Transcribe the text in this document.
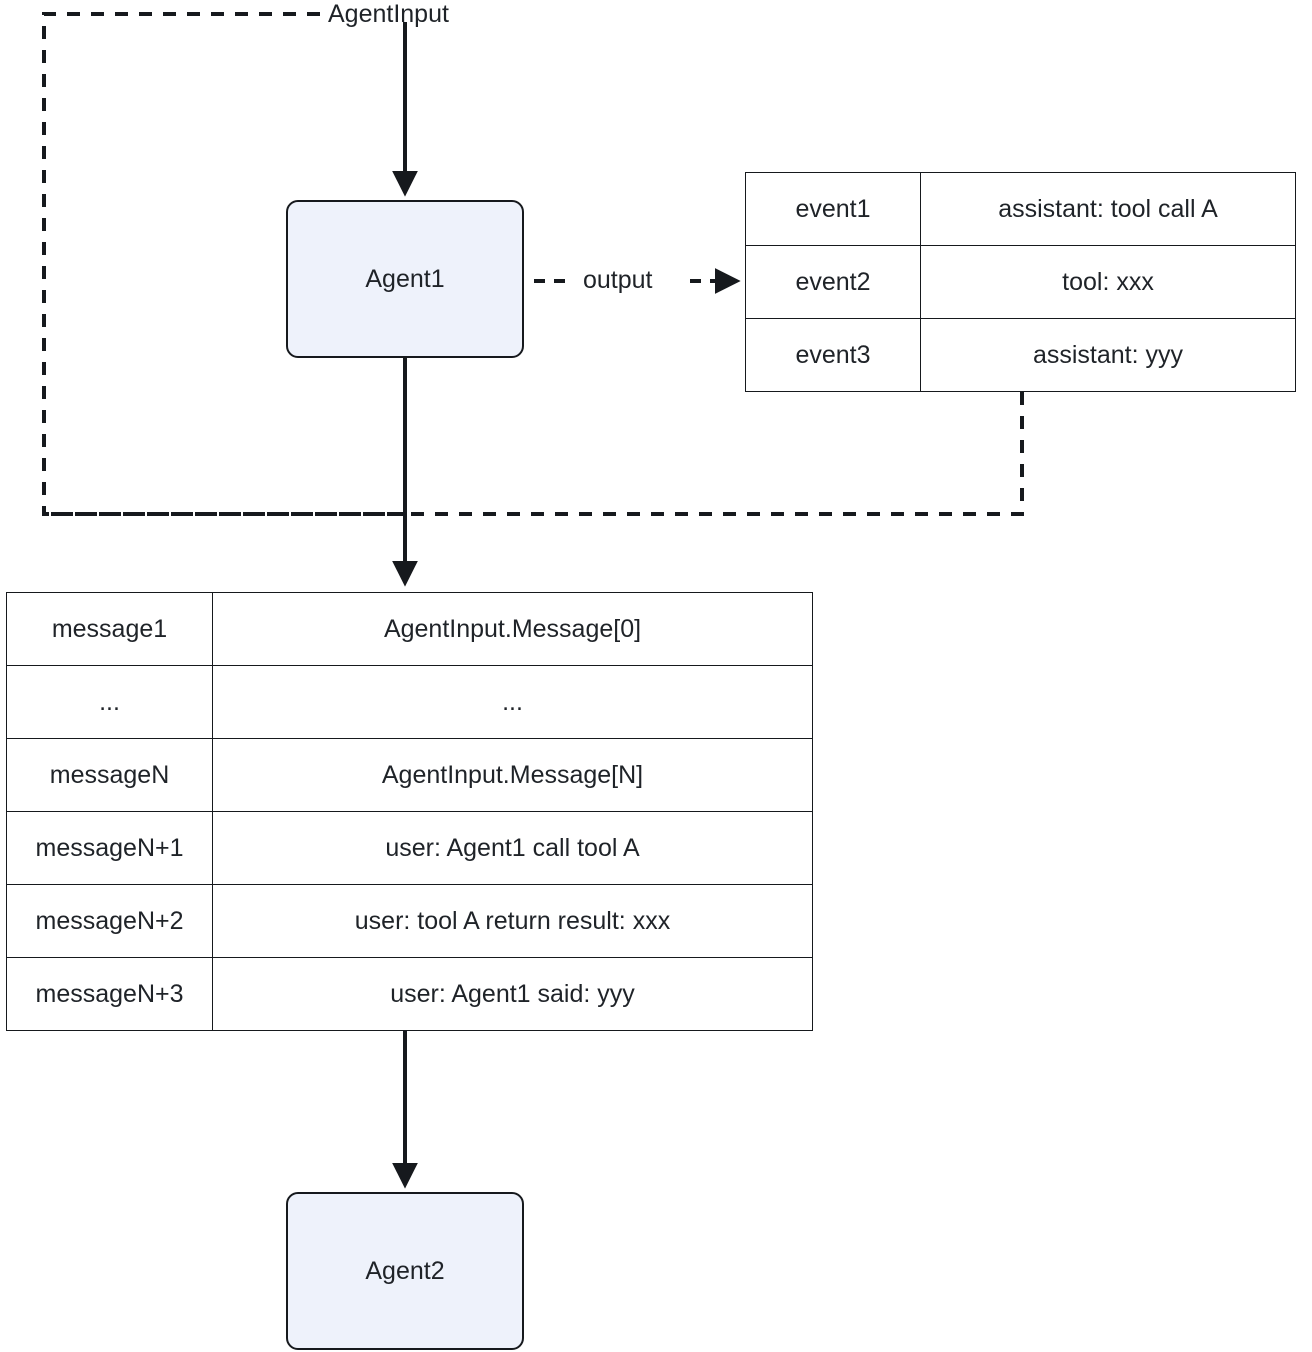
AgentInput
output
Agent1
Agent2
event1	assistant: tool call A
event2	tool: xxx
event3	assistant: yyy
message1	AgentInput.Message[0]
...	...
messageN	AgentInput.Message[N]
messageN+1	user: Agent1 call tool A
messageN+2	user: tool A return result: xxx
messageN+3	user: Agent1 said: yyy
